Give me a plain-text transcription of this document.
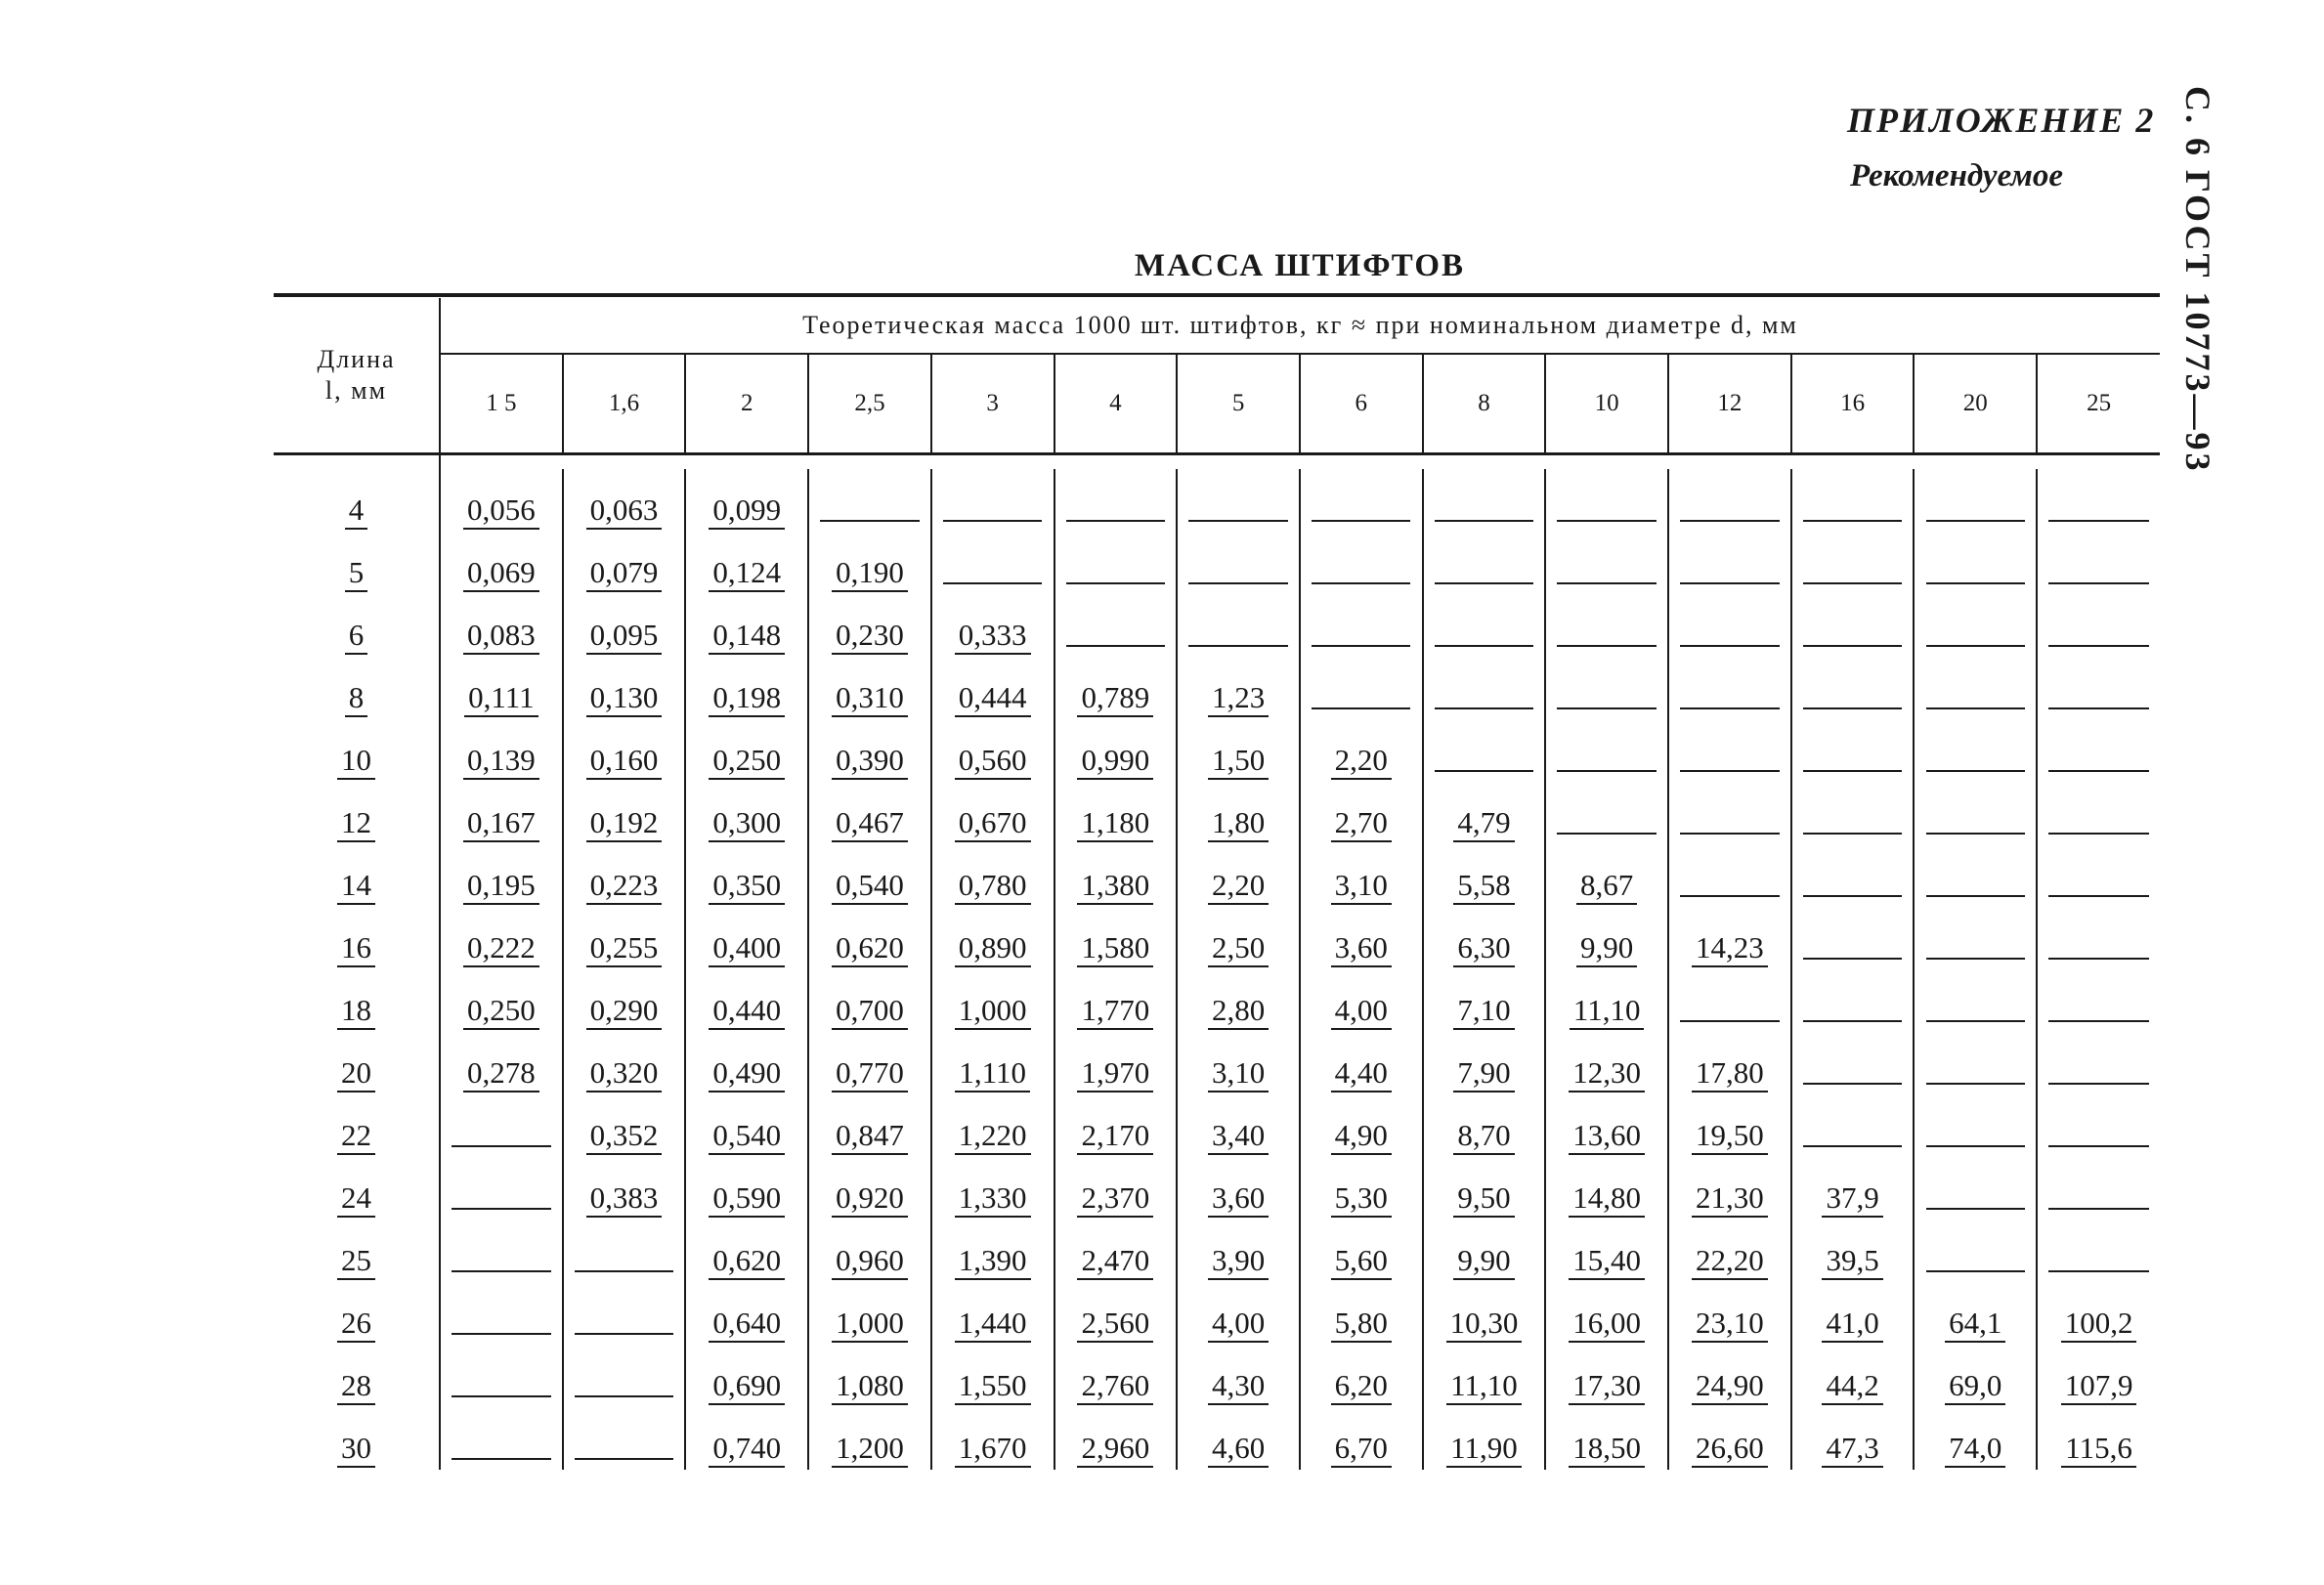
ПРИЛОЖЕНИЕ 2
Рекомендуемое	С. 6 ГОСТ 10773—93
МАССА ШТИФТОВ
Длина
l, мм	Теоретическая масса 1000 шт. штифтов, кг ≈ при номинальном диаметре d, мм													
	1 5	1,6	2	2,5	3	4	5	6	8	10	12	16	20	25

4	0,056	0,063	0,099											
5	0,069	0,079	0,124	0,190										
6	0,083	0,095	0,148	0,230	0,333									
8	0,111	0,130	0,198	0,310	0,444	0,789	1,23							
10	0,139	0,160	0,250	0,390	0,560	0,990	1,50	2,20						
12	0,167	0,192	0,300	0,467	0,670	1,180	1,80	2,70	4,79					
14	0,195	0,223	0,350	0,540	0,780	1,380	2,20	3,10	5,58	8,67				
16	0,222	0,255	0,400	0,620	0,890	1,580	2,50	3,60	6,30	9,90	14,23			
18	0,250	0,290	0,440	0,700	1,000	1,770	2,80	4,00	7,10	11,10				
20	0,278	0,320	0,490	0,770	1,110	1,970	3,10	4,40	7,90	12,30	17,80			
22		0,352	0,540	0,847	1,220	2,170	3,40	4,90	8,70	13,60	19,50			
24		0,383	0,590	0,920	1,330	2,370	3,60	5,30	9,50	14,80	21,30	37,9		
25			0,620	0,960	1,390	2,470	3,90	5,60	9,90	15,40	22,20	39,5		
26			0,640	1,000	1,440	2,560	4,00	5,80	10,30	16,00	23,10	41,0	64,1	100,2
28			0,690	1,080	1,550	2,760	4,30	6,20	11,10	17,30	24,90	44,2	69,0	107,9
30			0,740	1,200	1,670	2,960	4,60	6,70	11,90	18,50	26,60	47,3	74,0	115,6
